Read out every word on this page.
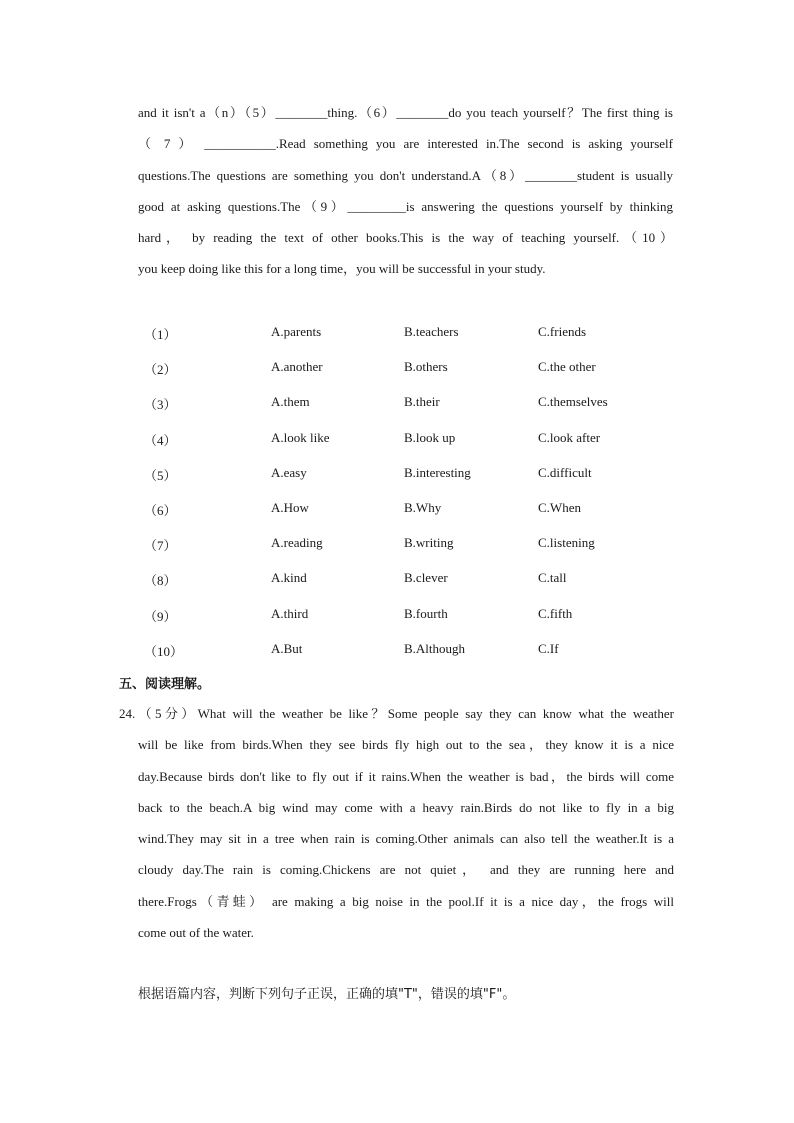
and it isn't a（n）（5）________thing.（6）________do you teach yourself？The first thing is
（ 7 ） ___________.Read something you are interested in.The second is asking yourself
questions.The questions are something you don't understand.A（8）________student is usually
good at asking questions.The（9）_________is answering the questions yourself by thinking
hard， by reading the text of other books.This is the way of teaching yourself.（10）
you keep doing like this for a long time，you will be successful in your study.
（1）	A.parents	B.teachers	C.friends
（2）	A.another	B.others	C.the other
（3）	A.them	B.their	C.themselves
（4）	A.look like	B.look up	C.look after
（5）	A.easy	B.interesting	C.difficult
（6）	A.How	B.Why	C.When
（7）	A.reading	B.writing	C.listening
（8）	A.kind	B.clever	C.tall
（9）	A.third	B.fourth	C.fifth
（10）	A.But	B.Although	C.If
五、阅读理解。
24.（5分）What will the weather be like？Some people say they can know what the weather
will be like from birds.When they see birds fly high out to the sea，they know it is a nice
day.Because birds don't like to fly out if it rains.When the weather is bad，the birds will come
back to the beach.A big wind may come with a heavy rain.Birds do not like to fly in a big
wind.They may sit in a tree when rain is coming.Other animals can also tell the weather.It is a
cloudy day.The rain is coming.Chickens are not quiet， and they are running here and
there.Frogs（青蛙） are making a big noise in the pool.If it is a nice day，the frogs will
come out of the water.
根据语篇内容，判断下列句子正误，正确的填"T"，错误的填"F"。
